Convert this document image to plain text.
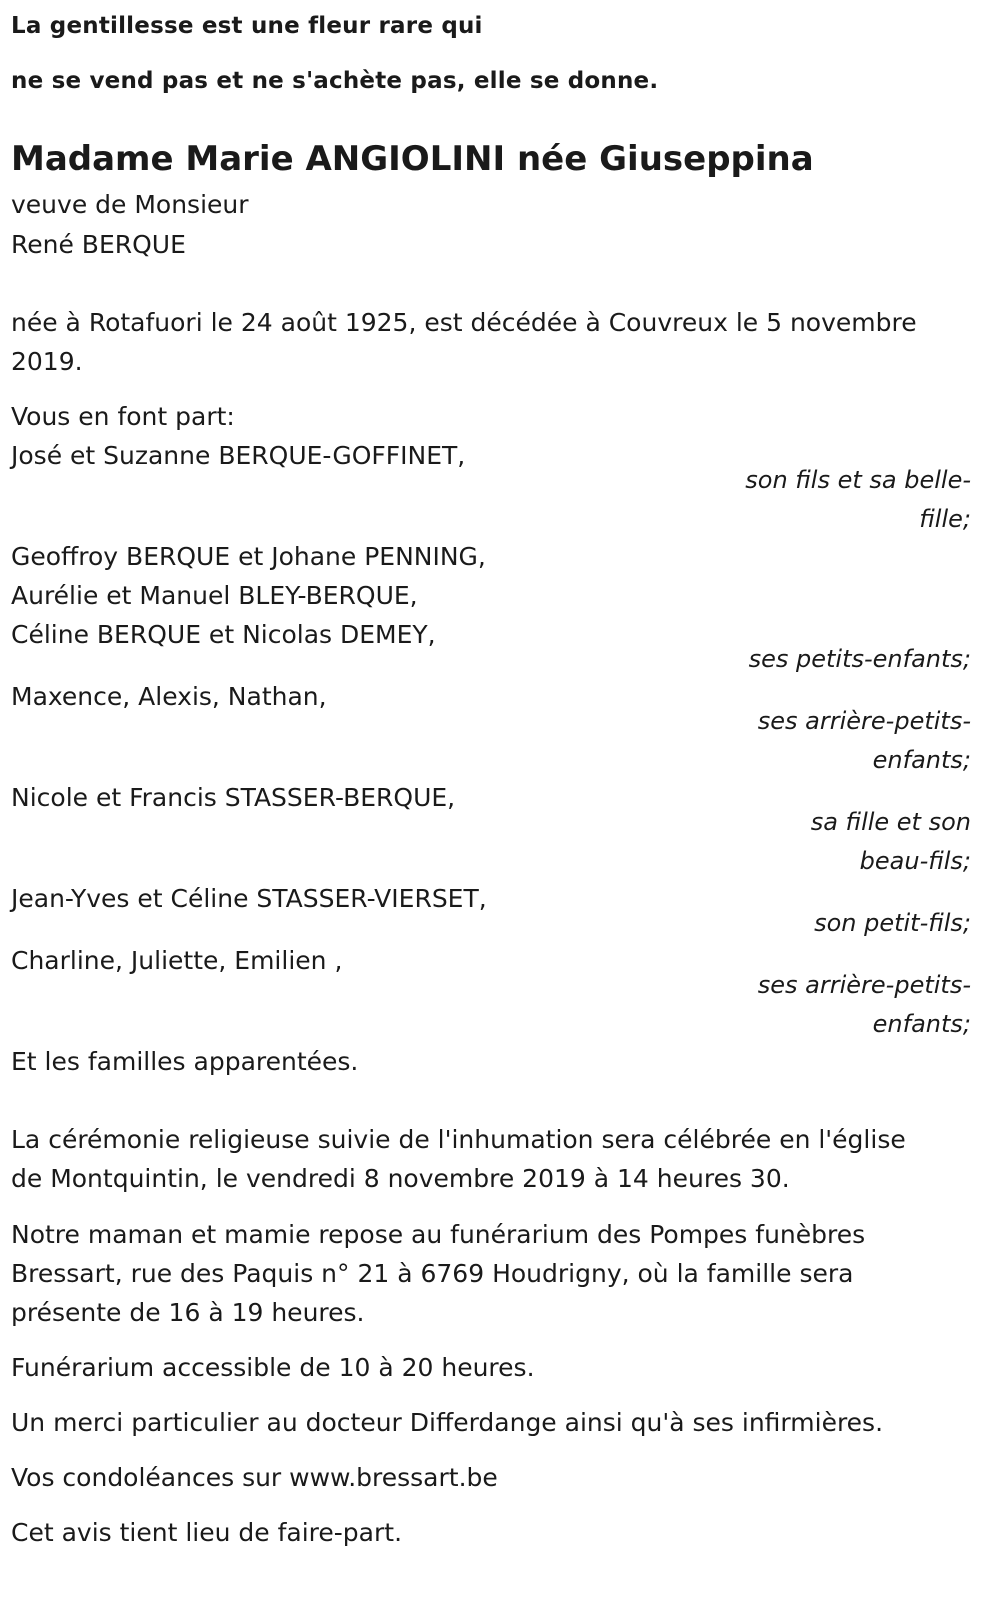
La gentillesse est une fleur rare qui
ne se vend pas et ne s'achète pas, elle se donne.
Madame Marie ANGIOLINI née Giuseppina
veuve de Monsieur
René BERQUE
née à Rotafuori le 24 août 1925, est décédée à Couvreux le 5 novembre
2019.
Vous en font part:
José et Suzanne BERQUE-GOFFINET,
son fils et sa belle-
fille;
Geoffroy BERQUE et Johane PENNING,
Aurélie et Manuel BLEY-BERQUE,
Céline BERQUE et Nicolas DEMEY,
ses petits-enfants;
Maxence, Alexis, Nathan,
ses arrière-petits-
enfants;
Nicole et Francis STASSER-BERQUE,
sa fille et son
beau-fils;
Jean-Yves et Céline STASSER-VIERSET,
son petit-fils;
Charline, Juliette, Emilien ,
ses arrière-petits-
enfants;
Et les familles apparentées.
La cérémonie religieuse suivie de l'inhumation sera célébrée en l'église
de Montquintin, le vendredi 8 novembre 2019 à 14 heures 30.
Notre maman et mamie repose au funérarium des Pompes funèbres
Bressart, rue des Paquis n° 21 à 6769 Houdrigny, où la famille sera
présente de 16 à 19 heures.
Funérarium accessible de 10 à 20 heures.
Un merci particulier au docteur Differdange ainsi qu'à ses infirmières.
Vos condoléances sur www.bressart.be
Cet avis tient lieu de faire-part.
